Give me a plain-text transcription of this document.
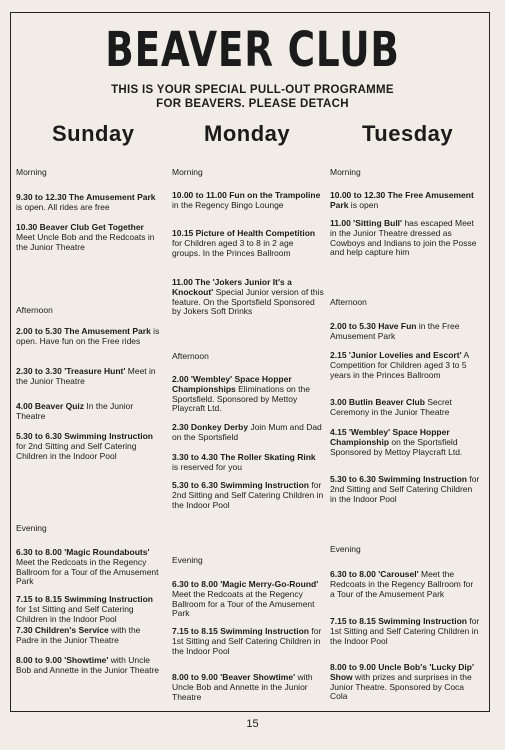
BEAVER CLUB
THIS IS YOUR SPECIAL PULL-OUT PROGRAMME
FOR BEAVERS. PLEASE DETACH
Sunday	Monday	Tuesday
Morning
9.30 to 12.30 The Amusement Park is open. All rides are free
10.30 Beaver Club Get Together Meet Uncle Bob and the Redcoats in the Junior Theatre
Afternoon
2.00 to 5.30 The Amusement Park is open. Have fun on the Free rides
2.30 to 3.30 'Treasure Hunt' Meet in the Junior Theatre
4.00 Beaver Quiz In the Junior Theatre
5.30 to 6.30 Swimming Instruction for 2nd Sitting and Self Catering Children in the Indoor Pool
Evening
6.30 to 8.00 'Magic Roundabouts' Meet the Redcoats in the Regency Ballroom for a Tour of the Amusement Park
7.15 to 8.15 Swimming Instruction for 1st Sitting and Self Catering Children in the Indoor Pool
7.30 Children's Service with the Padre in the Junior Theatre
8.00 to 9.00 'Showtime' with Uncle Bob and Annette in the Junior Theatre
Morning
10.00 to 11.00 Fun on the Trampoline in the Regency Bingo Lounge
10.15 Picture of Health Competition for Children aged 3 to 8 in 2 age groups. In the Princes Ballroom
11.00 The 'Jokers Junior It's a Knockout' Special Junior version of this feature. On the Sportsfield Sponsored by Jokers Soft Drinks
Afternoon
2.00 'Wembley' Space Hopper Championships Eliminations on the Sportsfield. Sponsored by Mettoy Playcraft Ltd.
2.30 Donkey Derby Join Mum and Dad on the Sportsfield
3.30 to 4.30 The Roller Skating Rink is reserved for you
5.30 to 6.30 Swimming Instruction for 2nd Sitting and Self Catering Children in the Indoor Pool
Evening
6.30 to 8.00 'Magic Merry-Go-Round' Meet the Redcoats at the Regency Ballroom for a Tour of the Amusement Park
7.15 to 8.15 Swimming Instruction for 1st Sitting and Self Catering Children in the Indoor Pool
8.00 to 9.00 'Beaver Showtime' with Uncle Bob and Annette in the Junior Theatre
Morning
10.00 to 12.30 The Free Amusement Park is open
11.00 'Sitting Bull' has escaped Meet in the Junior Theatre dressed as Cowboys and Indians to join the Posse and help capture him
Afternoon
2.00 to 5.30 Have Fun in the Free Amusement Park
2.15 'Junior Lovelies and Escort' A Competition for Children aged 3 to 5 years in the Princes Ballroom
3.00 Butlin Beaver Club Secret Ceremony in the Junior Theatre
4.15 'Wembley' Space Hopper Championship on the Sportsfield Sponsored by Mettoy Playcraft Ltd.
5.30 to 6.30 Swimming Instruction for 2nd Sitting and Self Catering Children in the Indoor Pool
Evening
6.30 to 8.00 'Carousel' Meet the Redcoats in the Regency Ballroom for a Tour of the Amusement Park
7.15 to 8.15 Swimming Instruction for 1st Sitting and Self Catering Children in the Indoor Pool
8.00 to 9.00 Uncle Bob's 'Lucky Dip' Show with prizes and surprises in the Junior Theatre. Sponsored by Coca Cola
15
